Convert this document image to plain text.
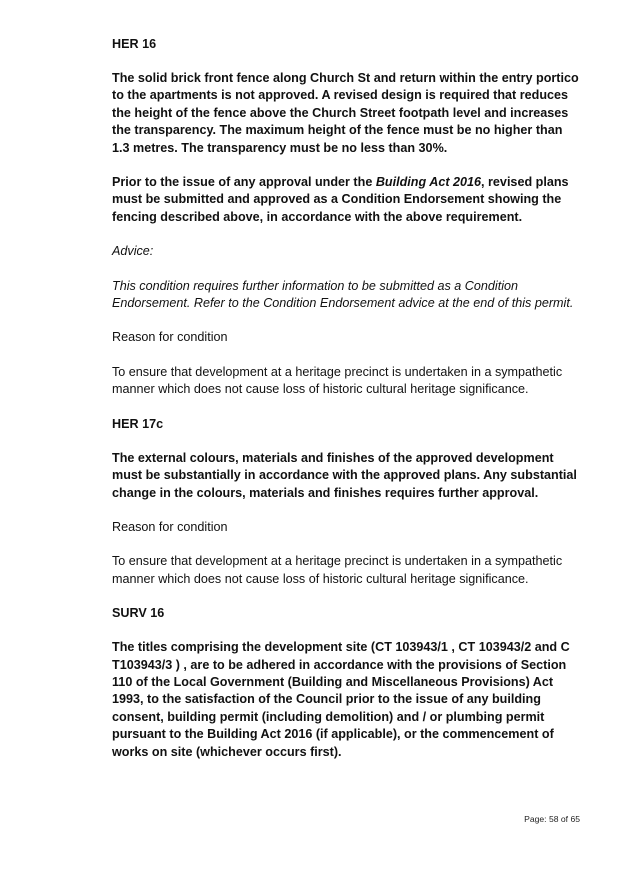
HER 16

The solid brick front fence along Church St and return within the entry portico to the apartments is not approved. A revised design is required that reduces the height of the fence above the Church Street footpath level and increases the transparency. The maximum height of the fence must be no higher than 1.3 metres. The transparency must be no less than 30%.

Prior to the issue of any approval under the Building Act 2016, revised plans must be submitted and approved as a Condition Endorsement showing the fencing described above, in accordance with the above requirement.

Advice:

This condition requires further information to be submitted as a Condition Endorsement. Refer to the Condition Endorsement advice at the end of this permit.

Reason for condition

To ensure that development at a heritage precinct is undertaken in a sympathetic manner which does not cause loss of historic cultural heritage significance.

HER 17c

The external colours, materials and finishes of the approved development must be substantially in accordance with the approved plans. Any substantial change in the colours, materials and finishes requires further approval.

Reason for condition

To ensure that development at a heritage precinct is undertaken in a sympathetic manner which does not cause loss of historic cultural heritage significance.

SURV 16

The titles comprising the development site (CT 103943/1 , CT 103943/2 and C T103943/3 ) , are to be adhered in accordance with the provisions of Section 110 of the Local Government (Building and Miscellaneous Provisions) Act 1993, to the satisfaction of the Council prior to the issue of any building consent, building permit (including demolition) and / or plumbing permit pursuant to the Building Act 2016 (if applicable), or the commencement of works on site (whichever occurs first).

Page: 58 of 65
